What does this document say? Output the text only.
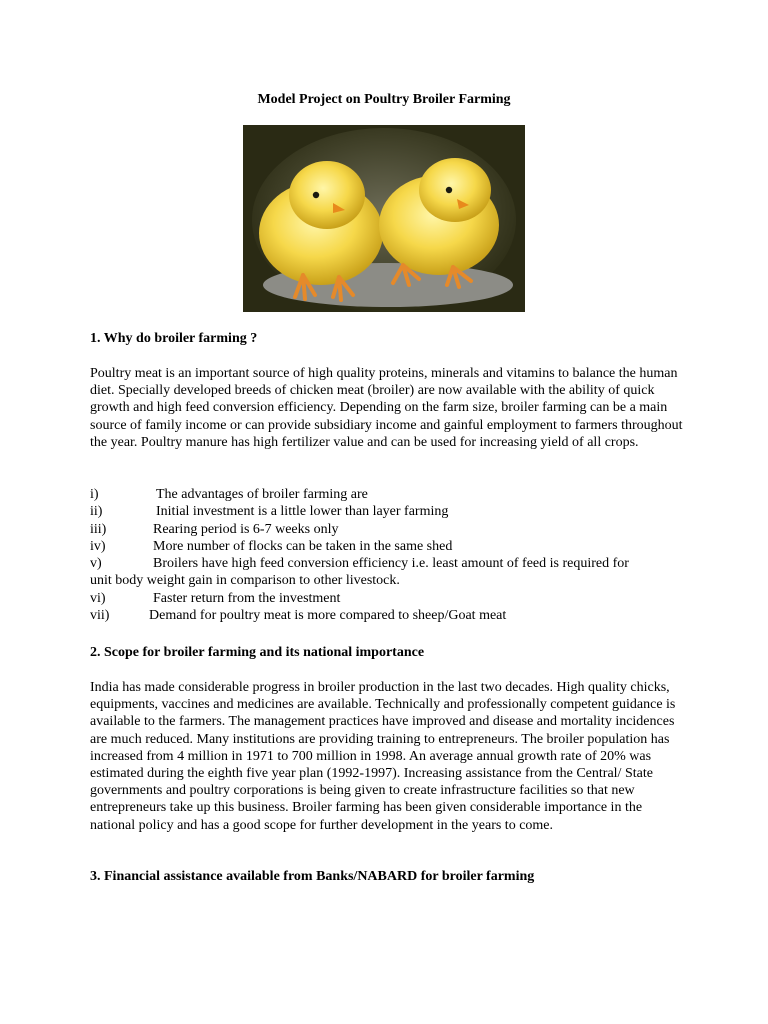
Model Project on Poultry Broiler Farming
1. Why do broiler farming ?

Poultry meat is an important source of high quality proteins, minerals and vitamins to balance the human diet. Specially developed breeds of chicken meat (broiler) are now available with the ability of quick growth and high feed conversion efficiency. Depending on the farm size, broiler farming can be a main source of family income or can provide subsidiary income and gainful employment to farmers throughout the year. Poultry manure has high fertilizer value and can be used for increasing yield of all crops.

i)	The advantages of broiler farming are
ii)	Initial investment is a little lower than layer farming
iii)	Rearing period is 6-7 weeks only
iv)	More number of flocks can be taken in the same shed
v)	Broilers have high feed conversion efficiency i.e. least amount of feed is required for
unit body weight gain in comparison to other livestock.
vi)	Faster return from the investment
vii)	Demand for poultry meat is more compared to sheep/Goat meat
2. Scope for broiler farming and its national importance

India has made considerable progress in broiler production in the last two decades. High quality chicks, equipments, vaccines and medicines are available. Technically and professionally competent guidance is available to the farmers. The management practices have improved and disease and mortality incidences are much reduced. Many institutions are providing training to entrepreneurs. The broiler population has increased from 4 million in 1971 to 700 million in 1998. An average annual growth rate of 20% was estimated during the eighth five year plan (1992-1997). Increasing assistance from the Central/ State governments and poultry corporations is being given to create infrastructure facilities so that new entrepreneurs take up this business. Broiler farming has been given considerable importance in the national policy and has a good scope for further development in the years to come.

3. Financial assistance available from Banks/NABARD for broiler farming
